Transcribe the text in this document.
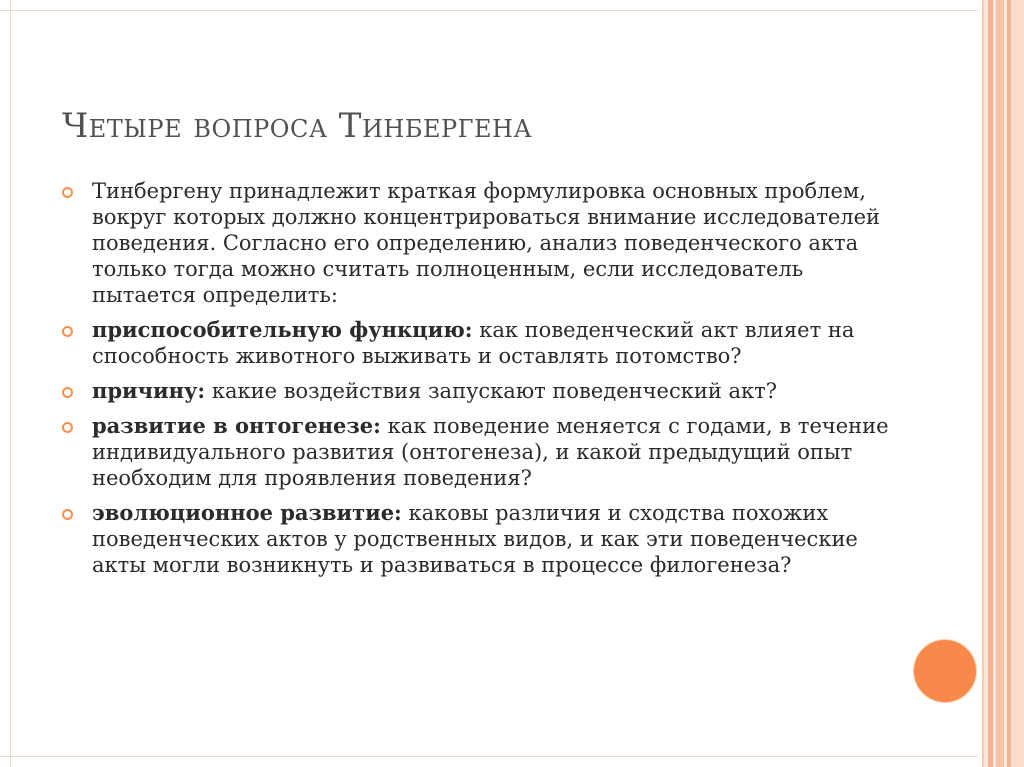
Четыре вопроса Тинбергена
Тинбергену принадлежит краткая формулировка основных проблем, вокруг которых должно концентрироваться внимание исследователей поведения. Согласно его определению, анализ поведенческого акта только тогда можно считать полноценным, если исследователь пытается определить:
приспособительную функцию: как поведенческий акт влияет на способность животного выживать и оставлять потомство?
причину: какие воздействия запускают поведенческий акт?
развитие в онтогенезе: как поведение меняется с годами, в течение индивидуального развития (онтогенеза), и какой предыдущий опыт необходим для проявления поведения?
эволюционное развитие: каковы различия и сходства похожих поведенческих актов у родственных видов, и как эти поведенческие акты могли возникнуть и развиваться в процессе филогенеза?
